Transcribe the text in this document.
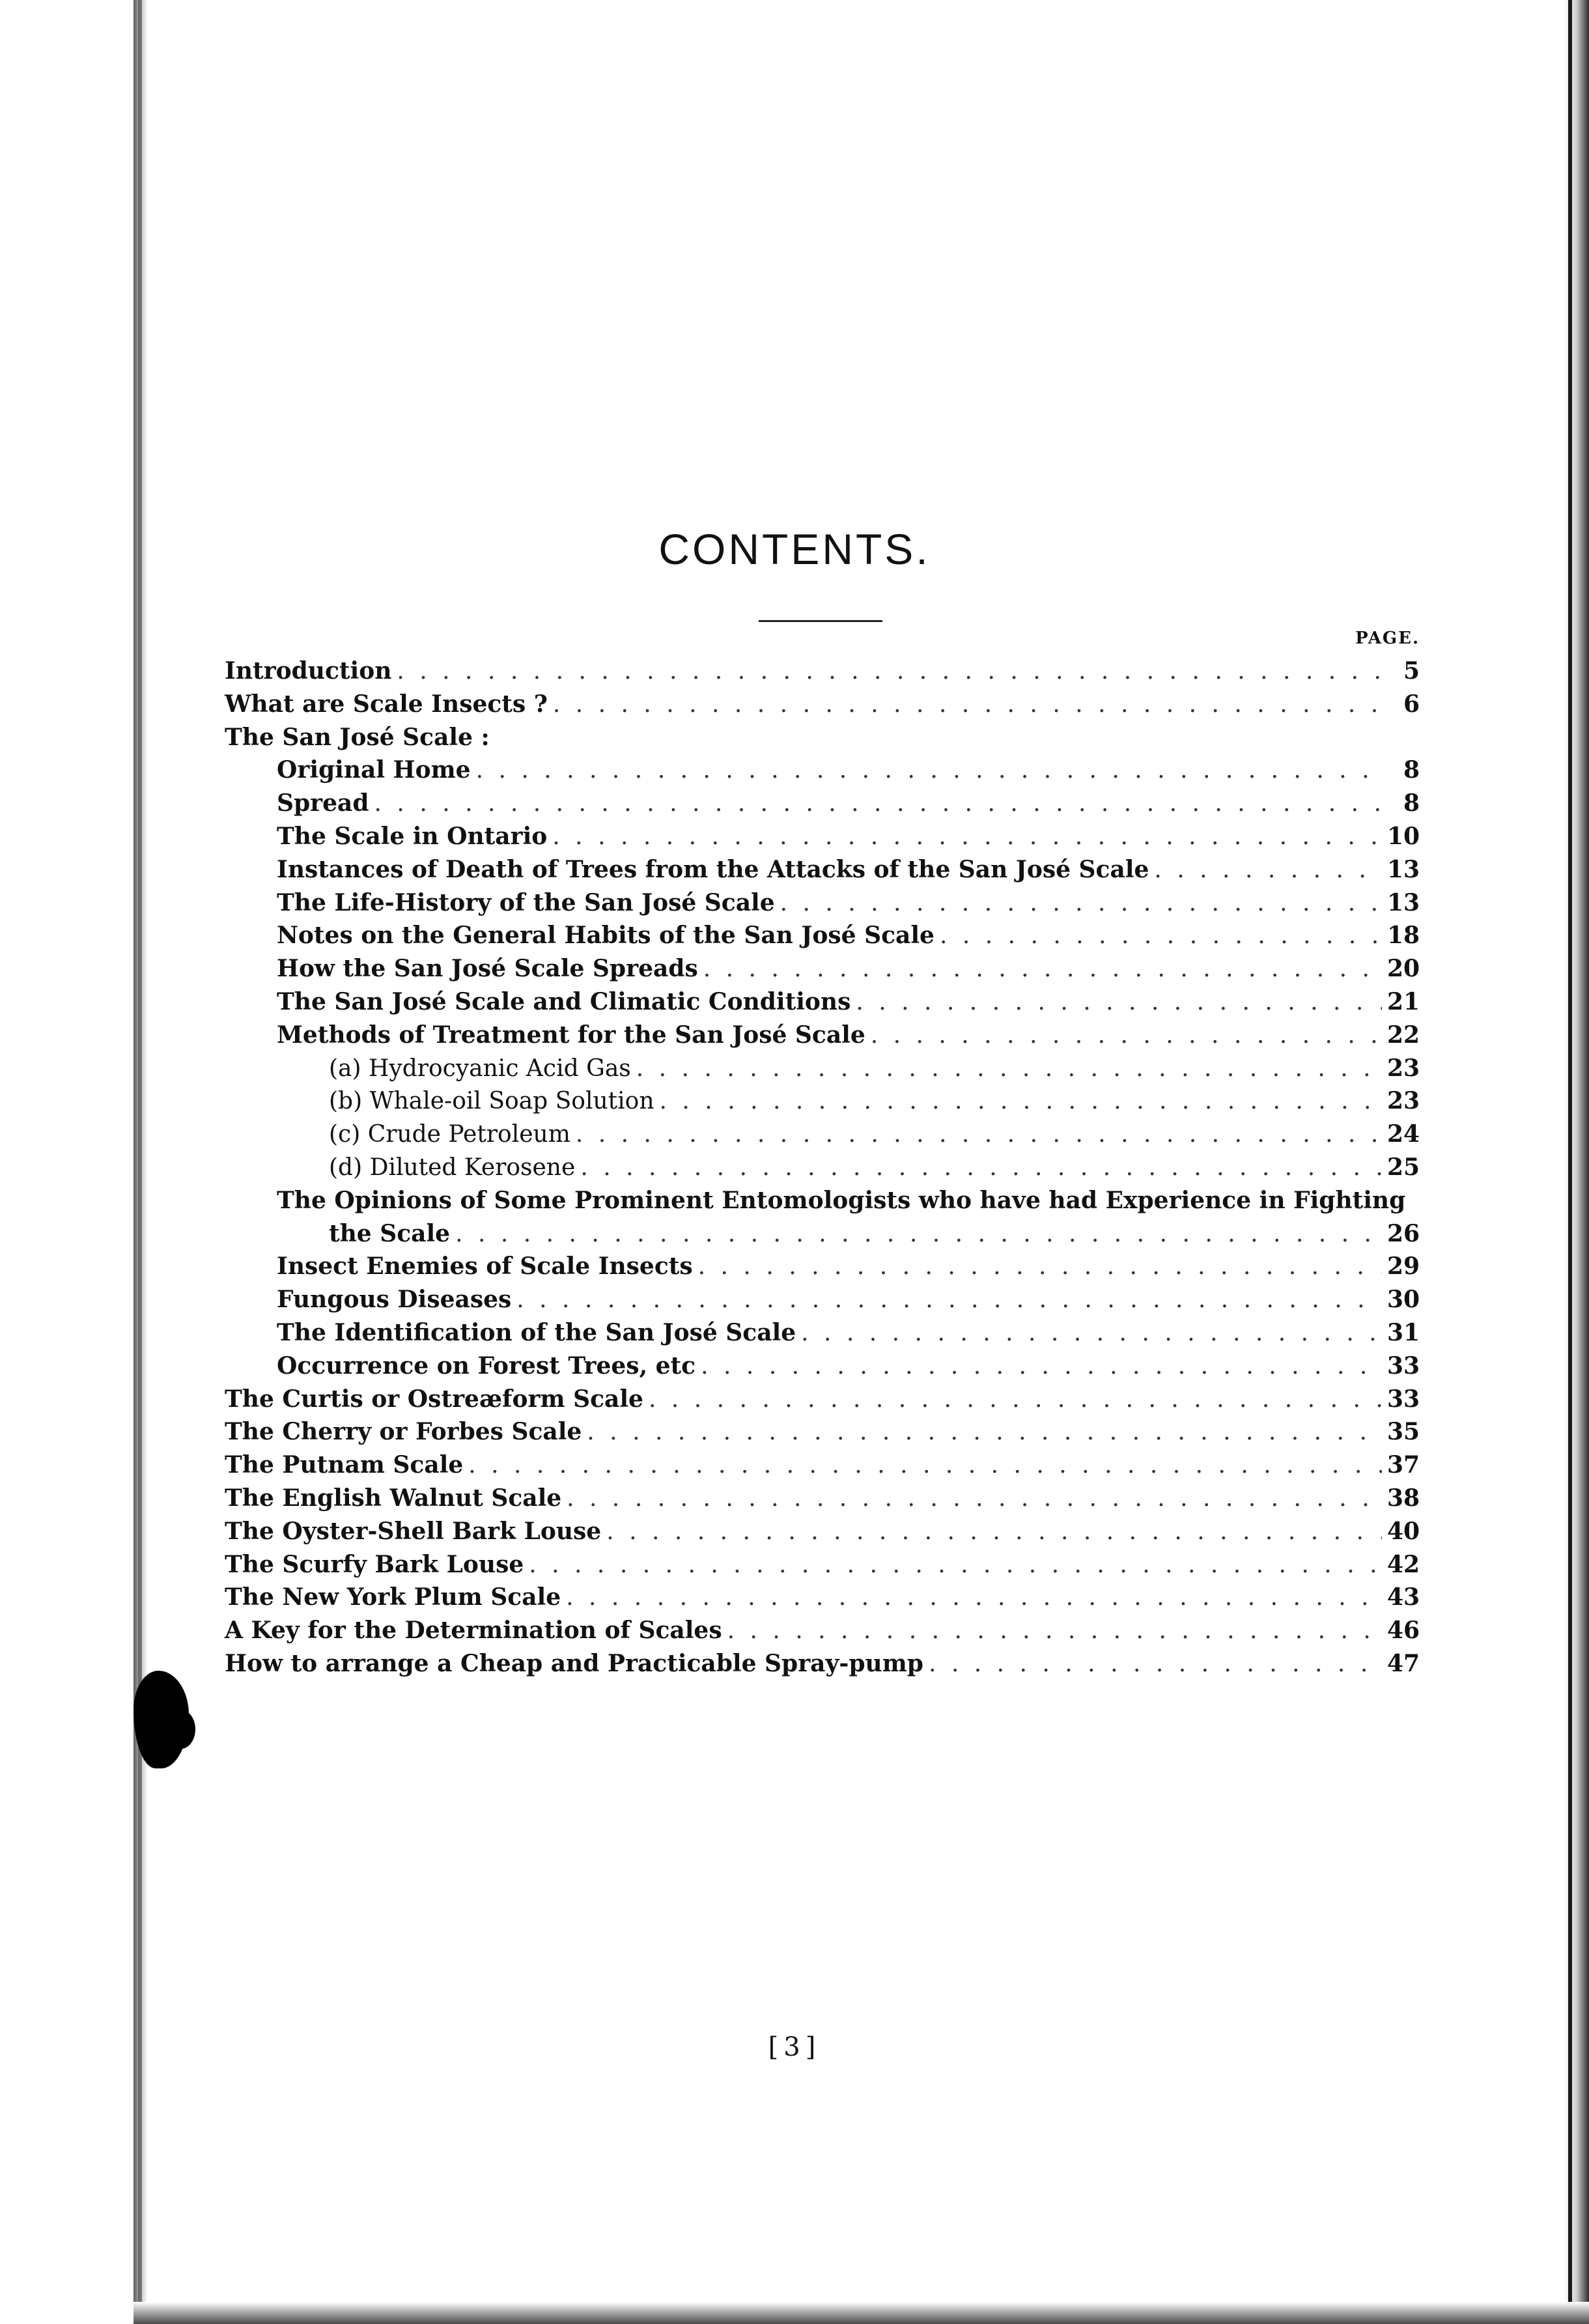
CONTENTS.
PAGE.
Introduction . . .	5
What are Scale Insects ? . . .	6
The San José Scale :
Original Home . . .	8
Spread . . .	8
The Scale in Ontario . . .	10
Instances of Death of Trees from the Attacks of the San José Scale . . .	13
The Life-History of the San José Scale . . .	13
Notes on the General Habits of the San José Scale . . .	18
How the San José Scale Spreads . . .	20
The San José Scale and Climatic Conditions . . .	21
Methods of Treatment for the San José Scale . . .	22
(a) Hydrocyanic Acid Gas . . .	23
(b) Whale-oil Soap Solution . . .	23
(c) Crude Petroleum . . .	24
(d) Diluted Kerosene . . .	25
The Opinions of Some Prominent Entomologists who have had Experience in Fighting
the Scale . . .	26
Insect Enemies of Scale Insects . . .	29
Fungous Diseases . . .	30
The Identification of the San José Scale . . .	31
Occurrence on Forest Trees, etc . . .	33
The Curtis or Ostreæform Scale . . .	33
The Cherry or Forbes Scale . . .	35
The Putnam Scale . . .	37
The English Walnut Scale . . .	38
The Oyster-Shell Bark Louse . . .	40
The Scurfy Bark Louse . . .	42
The New York Plum Scale . . .	43
A Key for the Determination of Scales . . .	46
How to arrange a Cheap and Practicable Spray-pump . . .	47
[3]
